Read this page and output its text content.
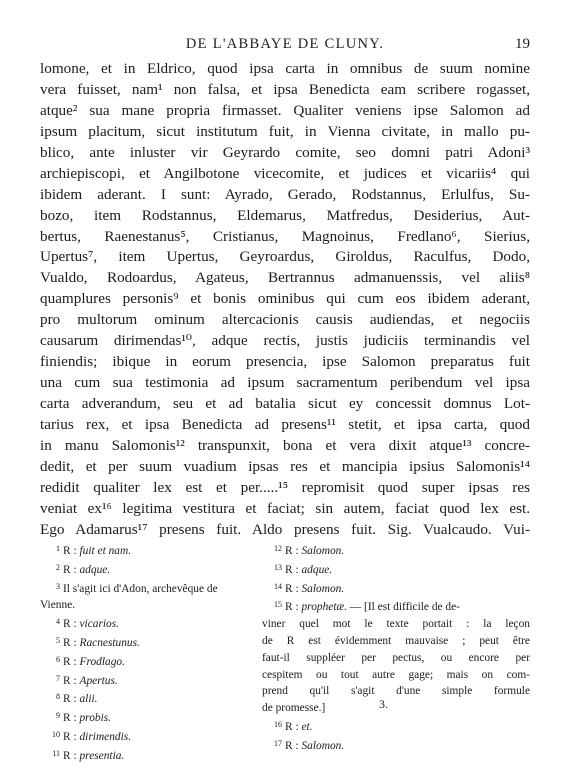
DE L'ABBAYE DE CLUNY.	19
lomone, et in Eldrico, quod ipsa carta in omnibus de suum nomine
vera fuisset, nam¹ non falsa, et ipsa Benedicta eam scribere rogasset,
atque² sua mane propria firmasset. Qualiter veniens ipse Salomon ad
ipsum placitum, sicut institutum fuit, in Vienna civitate, in mallo pu-
blico, ante inluster vir Geyrardo comite, seo domni patri Adoni³
archiepiscopi, et Angilbotone vicecomite, et judices et vicariis⁴ qui
ibidem aderant. I sunt: Ayrado, Gerado, Rodstannus, Erlulfus, Su-
bozo, item Rodstannus, Eldemarus, Matfredus, Desiderius, Aut-
bertus, Raenestanus⁵, Cristianus, Magnoinus, Fredlano⁶, Sierius,
Upertus⁷, item Upertus, Geyroardus, Giroldus, Raculfus, Dodo,
Vualdo, Rodoardus, Agateus, Bertrannus admanuenssis, vel aliis⁸
quamplures personis⁹ et bonis ominibus qui cum eos ibidem aderant,
pro multorum ominum altercacionis causis audiendas, et negociis
causarum dirimendas¹⁰, adque rectis, justis judiciis terminandis vel
finiendis; ibique in eorum presencia, ipse Salomon preparatus fuit
una cum sua testimonia ad ipsum sacramentum peribendum vel ipsa
carta adverandum, seu et ad batalia sicut ey concessit domnus Lot-
tarius rex, et ipsa Benedicta ad presens¹¹ stetit, et ipsa carta, quod
in manu Salomonis¹² transpunxit, bona et vera dixit atque¹³ concre-
dedit, et per suum vuadium ipsas res et mancipia ipsius Salomonis¹⁴
redidit qualiter lex est et per.....¹⁵ repromisit quod super ipsas res
veniat ex¹⁶ legitima vestitura et faciat; sin autem, faciat quod lex est.
Ego Adamarus¹⁷ presens fuit. Aldo presens fuit. Sig. Vualcaudo. Vui-
1 R : fuit et nam.
2 R : adque.
3 Il s'agit ici d'Adon, archevêque de
Vienne.
4 R : vicarios.
5 R : Racnestunus.
6 R : Frodlago.
7 R : Apertus.
8 R : alii.
9 R : probis.
10 R : dirimendis.
11 R : presentia.
12 R : Salomon.
13 R : adque.
14 R : Salomon.
15 R : prophetæ. — [Il est difficile de de-
viner quel mot le texte portait : la leçon
de R est évidemment mauvaise ; peut être
faut-il suppléer per pectus, ou encore per
cespitem ou tout autre gage; mais on com-
prend qu'il s'agit d'une simple formule
de promesse.]
16 R : et.
17 R : Salomon.
3.
